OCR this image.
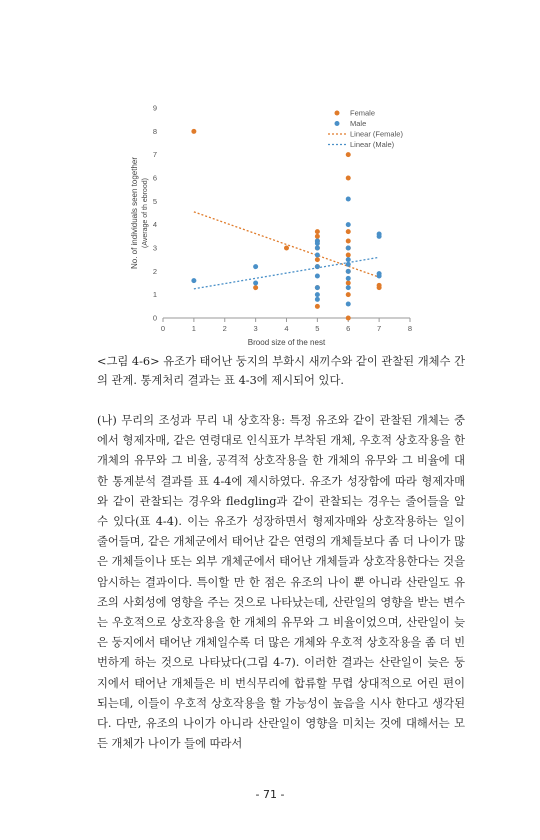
0	1	2	3	4	5	6	7	8
0
1
2
3
4
5
6
7
8
9
Brood size of the nest
No. of individuals seen together (Average of th ebrood)
Female
Male
Linear (Female)
Linear (Male)

<그림 4-6> 유조가 태어난 둥지의 부화시 새끼수와 같이 관찰된 개체수 간의 관계. 통계처리 결과는 표 4-3에 제시되어 있다.

(나) 무리의 조성과 무리 내 상호작용: 특정 유조와 같이 관찰된 개체는 중에서 형제자매, 같은 연령대로 인식표가 부착된 개체, 우호적 상호작용을 한 개체의 유무와 그 비율, 공격적 상호작용을 한 개체의 유무와 그 비율에 대한 통계분석 결과를 표 4-4에 제시하였다. 유조가 성장함에 따라 형제자매와 같이 관찰되는 경우와 fledgling과 같이 관찰되는 경우는 줄어들을 알 수 있다(표 4-4). 이는 유조가 성장하면서 형제자매와 상호작용하는 일이 줄어들며, 같은 개체군에서 태어난 같은 연령의 개체들보다 좀 더 나이가 많은 개체들이나 또는 외부 개체군에서 태어난 개체들과 상호작용한다는 것을 암시하는 결과이다. 특이할 만 한 점은 유조의 나이 뿐 아니라 산란일도 유조의 사회성에 영향을 주는 것으로 나타났는데, 산란일의 영향을 받는 변수는 우호적으로 상호작용을 한 개체의 유무와 그 비율이었으며, 산란일이 늦은 둥지에서 태어난 개체일수록 더 많은 개체와 우호적 상호작용을 좀 더 빈번하게 하는 것으로 나타났다(그림 4-7). 이러한 결과는 산란일이 늦은 둥지에서 태어난 개체들은 비 번식무리에 합류할 무렵 상대적으로 어린 편이 되는데, 이들이 우호적 상호작용을 할 가능성이 높음을 시사 한다고 생각된다. 다만, 유조의 나이가 아니라 산란일이 영향을 미치는 것에 대해서는 모든 개체가 나이가 들에 따라서

- 71 -
